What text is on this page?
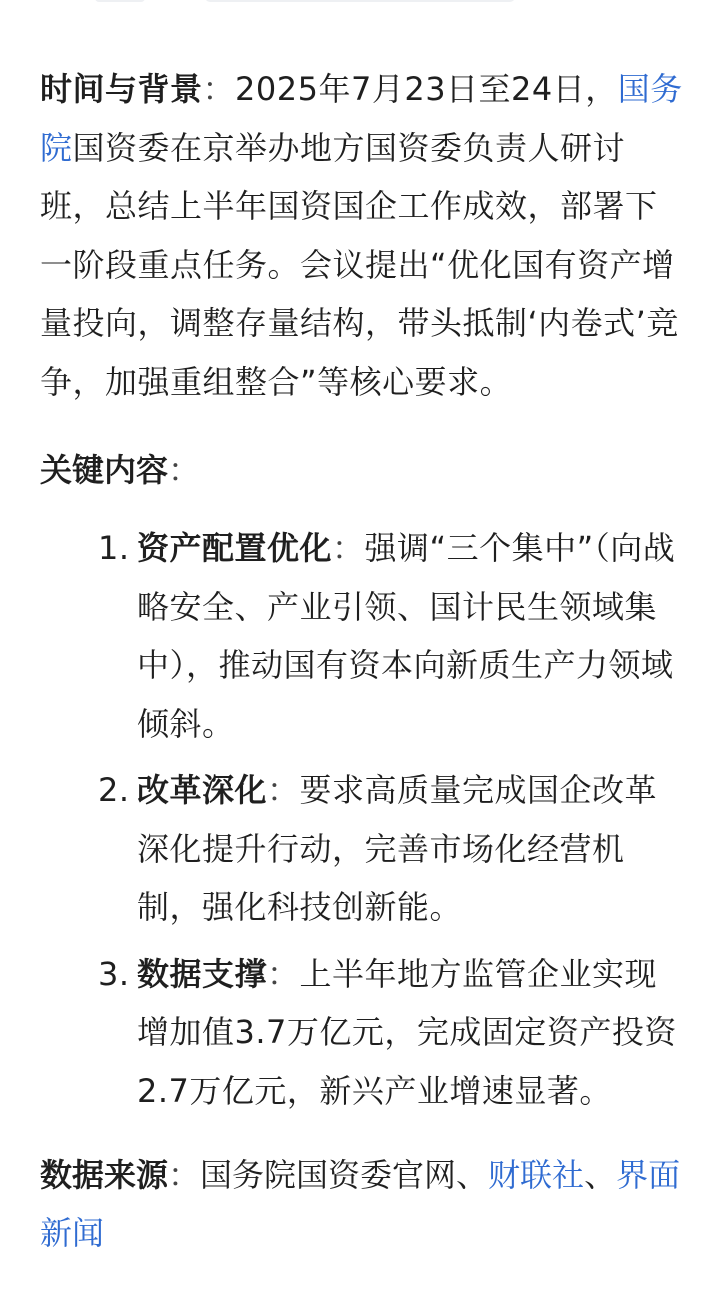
时间与背景：2025年7月23日至24日，国务院国资委在京举办地方国资委负责人研讨班，总结上半年国资国企工作成效，部署下一阶段重点任务。会议提出“优化国有资产增量投向，调整存量结构，带头抵制‘内卷式’竞争，加强重组整合”等核心要求。

关键内容：
1. 资产配置优化：强调“三个集中”（向战略安全、产业引领、国计民生领域集中），推动国有资本向新质生产力领域倾斜。
2. 改革深化：要求高质量完成国企改革深化提升行动，完善市场化经营机制，强化科技创新能。
3. 数据支撑：上半年地方监管企业实现增加值3.7万亿元，完成固定资产投资2.7万亿元，新兴产业增速显著。
数据来源：国务院国资委官网、财联社、界面新闻
